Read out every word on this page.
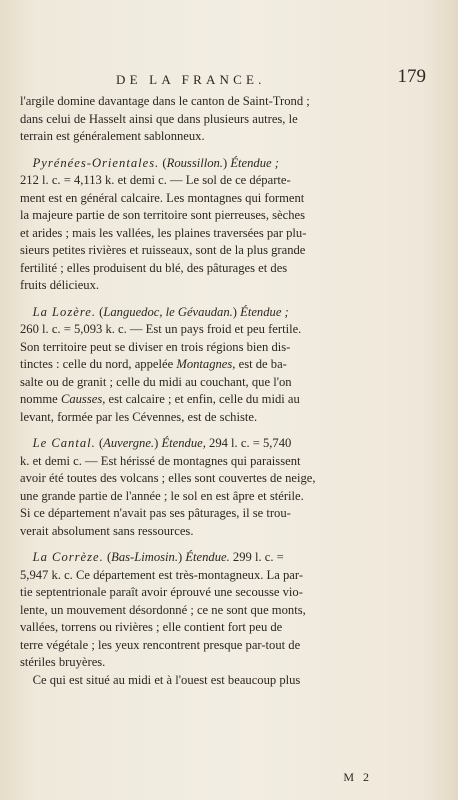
DE LA FRANCE.	179
l'argile domine davantage dans le canton de Saint-Trond ;
dans celui de Hasselt ainsi que dans plusieurs autres, le
terrain est généralement sablonneux.
Pyrénées-Orientales. (Roussillon.) Étendue ;
212 l. c. = 4,113 k. et demi c. — Le sol de ce départe-
ment est en général calcaire. Les montagnes qui forment
la majeure partie de son territoire sont pierreuses, sèches
et arides ; mais les vallées, les plaines traversées par plu-
sieurs petites rivières et ruisseaux, sont de la plus grande
fertilité ; elles produisent du blé, des pâturages et des
fruits délicieux.
La Lozère. (Languedoc, le Gévaudan.) Étendue ;
260 l. c. = 5,093 k. c. — Est un pays froid et peu fertile.
Son territoire peut se diviser en trois régions bien dis-
tinctes : celle du nord, appelée Montagnes, est de ba-
salte ou de granit ; celle du midi au couchant, que l'on
nomme Causses, est calcaire ; et enfin, celle du midi au
levant, formée par les Cévennes, est de schiste.
Le Cantal. (Auvergne.) Étendue, 294 l. c. = 5,740
k. et demi c. — Est hérissé de montagnes qui paraissent
avoir été toutes des volcans ; elles sont couvertes de neige,
une grande partie de l'année ; le sol en est âpre et stérile.
Si ce département n'avait pas ses pâturages, il se trou-
verait absolument sans ressources.
La Corrèze. (Bas-Limosin.) Étendue. 299 l. c. =
5,947 k. c. Ce département est très-montagneux. La par-
tie septentrionale paraît avoir éprouvé une secousse vio-
lente, un mouvement désordonné ; ce ne sont que monts,
vallées, torrens ou rivières ; elle contient fort peu de
terre végétale ; les yeux rencontrent presque par-tout de
stériles bruyères.
Ce qui est situé au midi et à l'ouest est beaucoup plus
M 2
